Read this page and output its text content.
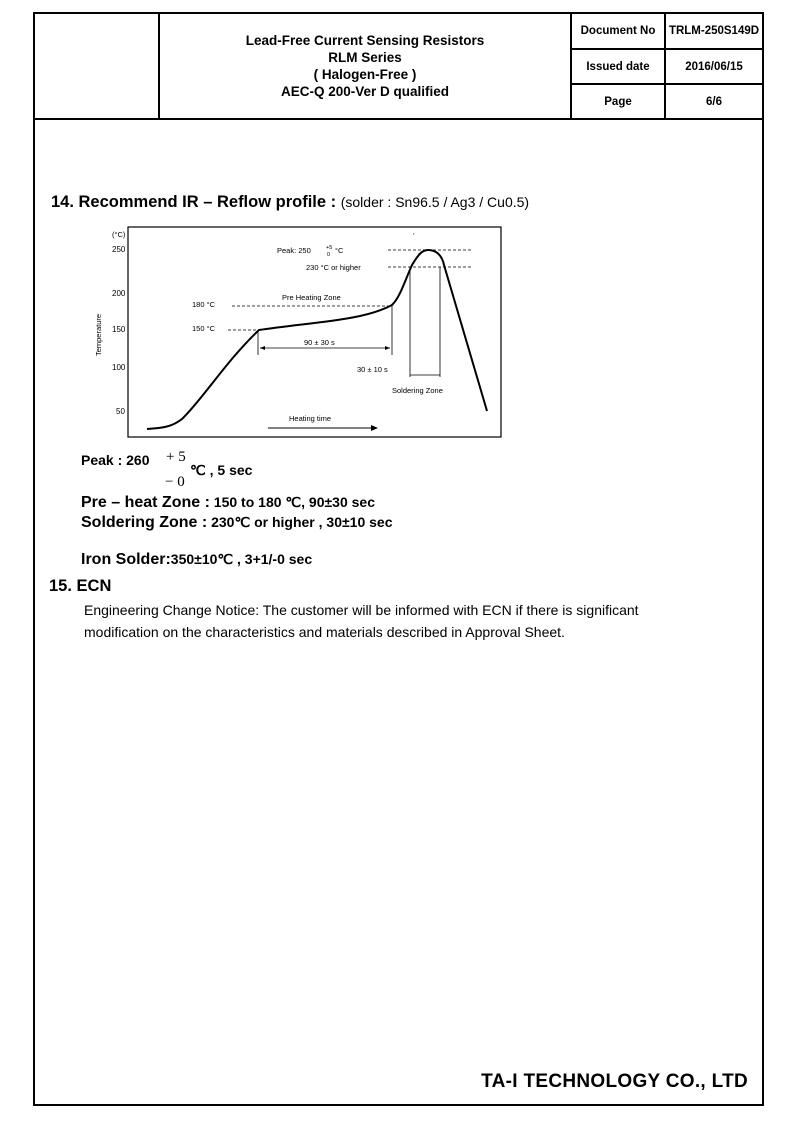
Lead-Free Current Sensing Resistors
RLM Series
( Halogen-Free )
AEC-Q 200-Ver D qualified
Document No	TRLM-250S149D
Issued date	2016/06/15
Page	6/6
14. Recommend IR – Reflow profile : (solder : Sn96.5 / Ag3 / Cu0.5)
(°C)
250
200
150
100
50
Temperature
Peak: 250	+5
0 °C
230 °C or higher
Pre Heating Zone
180 °C
150 °C
90 ± 30 s
30 ± 10 s
Soldering Zone
Heating time
’
Peak : 260 + 5
− 0
℃ , 5 sec
Pre – heat Zone : 150 to 180 ℃, 90±30 sec
Soldering Zone : 230℃ or higher , 30±10 sec
Iron Solder:350±10℃ , 3+1/-0 sec
15. ECN
Engineering Change Notice: The customer will be informed with ECN if there is significant
modification on the characteristics and materials described in Approval Sheet.
TA-I TECHNOLOGY CO., LTD
